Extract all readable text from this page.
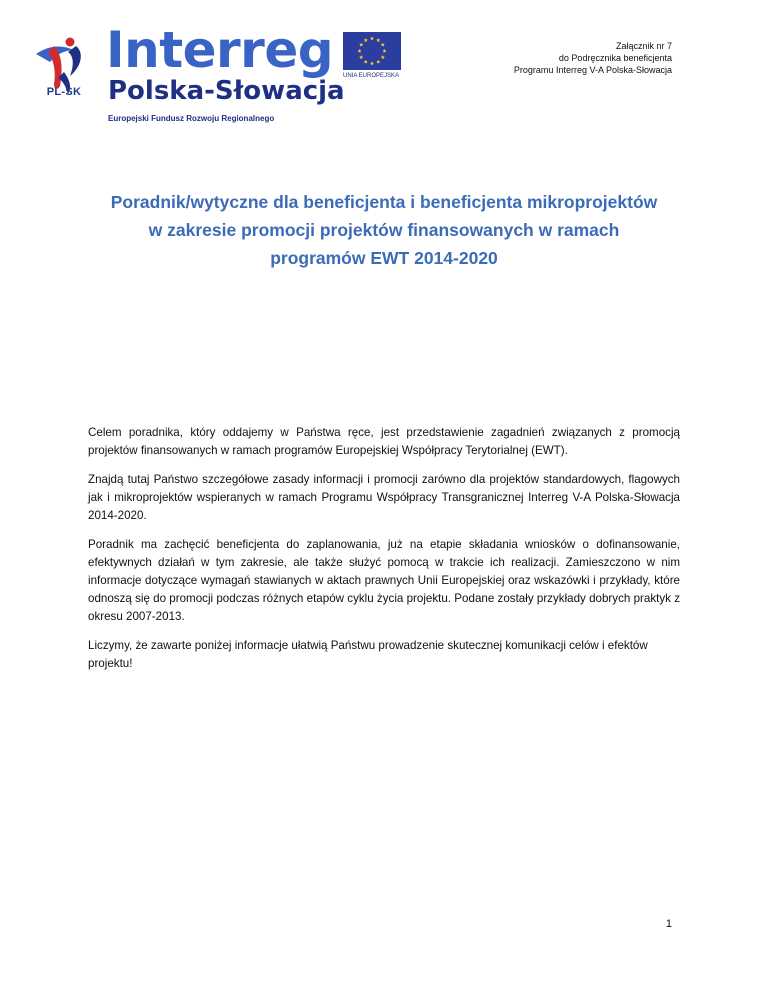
PL-SK
Interreg
Polska-Słowacja
Europejski Fundusz Rozwoju Regionalnego
UNIA EUROPEJSKA
Załącznik nr 7
do Podręcznika beneficjenta
Programu Interreg V-A Polska-Słowacja
Poradnik/wytyczne dla beneficjenta i beneficjenta mikroprojektów
w zakresie promocji projektów finansowanych w ramach
programów EWT 2014-2020

Celem poradnika, który oddajemy w Państwa ręce, jest przedstawienie zagadnień związanych z promocją projektów finansowanych w ramach programów Europejskiej Współpracy Terytorialnej (EWT).

Znajdą tutaj Państwo szczegółowe zasady informacji i promocji zarówno dla projektów standardowych, flagowych jak i mikroprojektów wspieranych w ramach Programu Współpracy Transgranicznej Interreg V-A Polska-Słowacja 2014-2020.

Poradnik ma zachęcić beneficjenta do zaplanowania, już na etapie składania wniosków o dofinansowanie, efektywnych działań w tym zakresie, ale także służyć pomocą w trakcie ich realizacji. Zamieszczono w nim informacje dotyczące wymagań stawianych w aktach prawnych Unii Europejskiej oraz wskazówki i przykłady, które odnoszą się do promocji podczas różnych etapów cyklu życia projektu. Podane zostały przykłady dobrych praktyk z okresu 2007-2013.

Liczymy, że zawarte poniżej informacje ułatwią Państwu prowadzenie skutecznej komunikacji celów i efektów projektu!

1
